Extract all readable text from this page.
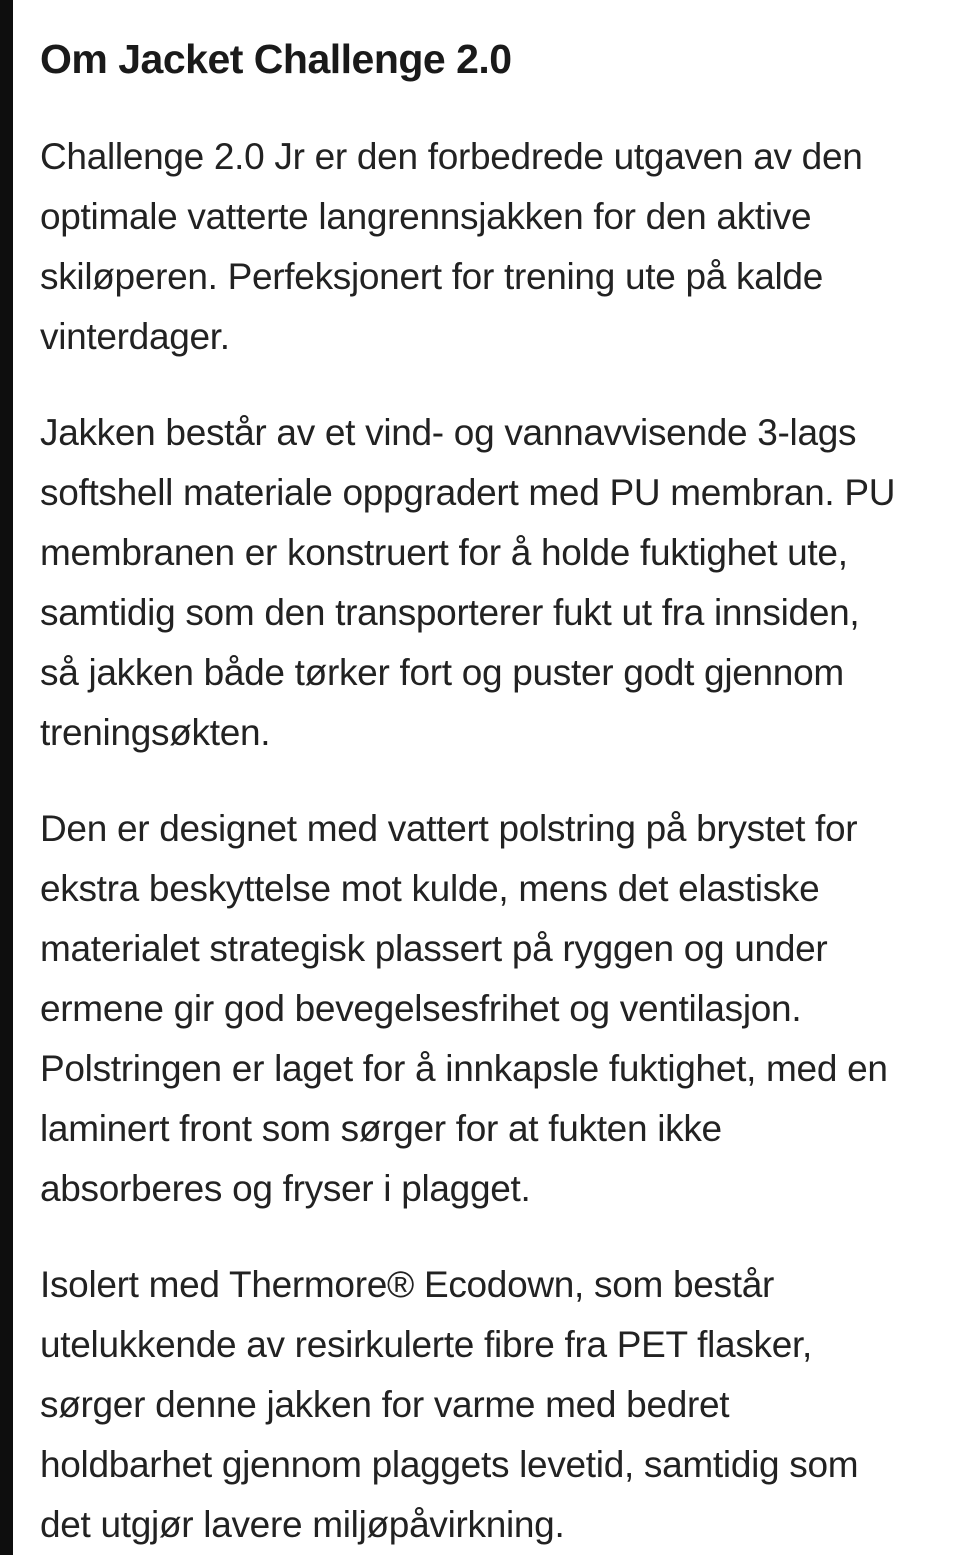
Om Jacket Challenge 2.0

Challenge 2.0 Jr er den forbedrede utgaven av den optimale vatterte langrennsjakken for den aktive skiløperen. Perfeksjonert for trening ute på kalde vinterdager.

Jakken består av et vind- og vannavvisende 3-lags softshell materiale oppgradert med PU membran. PU membranen er konstruert for å holde fuktighet ute, samtidig som den transporterer fukt ut fra innsiden, så jakken både tørker fort og puster godt gjennom treningsøkten.

Den er designet med vattert polstring på brystet for ekstra beskyttelse mot kulde, mens det elastiske materialet strategisk plassert på ryggen og under ermene gir god bevegelsesfrihet og ventilasjon. Polstringen er laget for å innkapsle fuktighet, med en laminert front som sørger for at fukten ikke absorberes og fryser i plagget.

Isolert med Thermore® Ecodown, som består utelukkende av resirkulerte fibre fra PET flasker, sørger denne jakken for varme med bedret holdbarhet gjennom plaggets levetid, samtidig som det utgjør lavere miljøpåvirkning.
